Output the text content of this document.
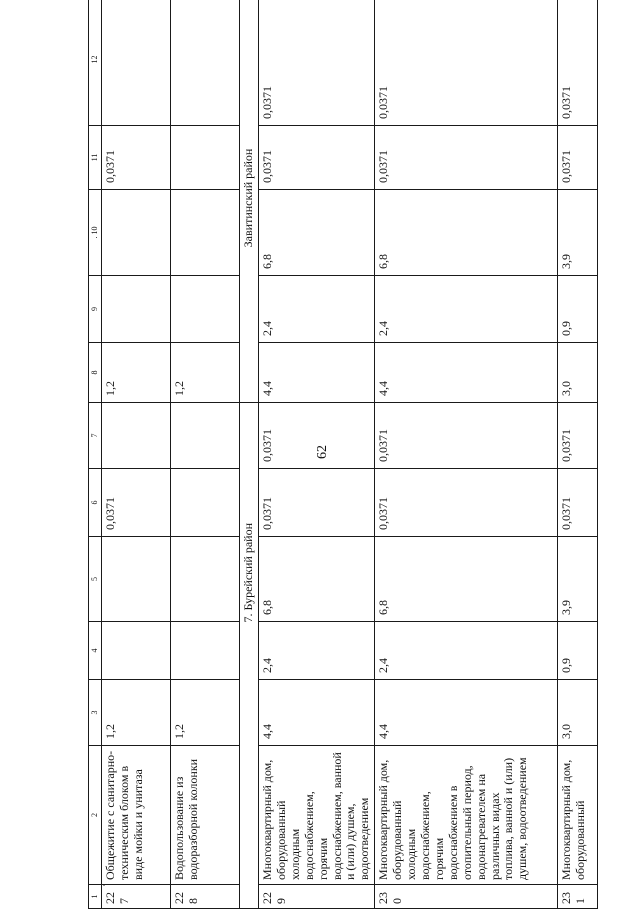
62
1	2	3	4	5	6	7	8	9	. 10	11	12
227	Общежитие с санитарно-техническим блоком в виде мойки и унитаза	1,2			0,0371		1,2			0,0371	
228	Водопользование из водоразборной колонки	1,2					1,2				
7. Бурейский район							Завитинский район				
229	Многоквартирный дом, оборудованный холодным водоснабжением, горячим водоснабжением, ванной и (или) душем, водоотведением	4,4	2,4	6,8	0,0371	0,0371	4,4	2,4	6,8	0,0371	0,0371
230	Многоквартирный дом, оборудованный холодным водоснабжением, горячим водоснабжением в отопительный период, водонагревателем на различных видах топлива, ванной и (или) душем, водоотведением	4,4	2,4	6,8	0,0371	0,0371	4,4	2,4	6,8	0,0371	0,0371
231	Многоквартирный дом, оборудованный	3,0	0,9	3,9	0,0371	0,0371	3,0	0,9	3,9	0,0371	0,0371
